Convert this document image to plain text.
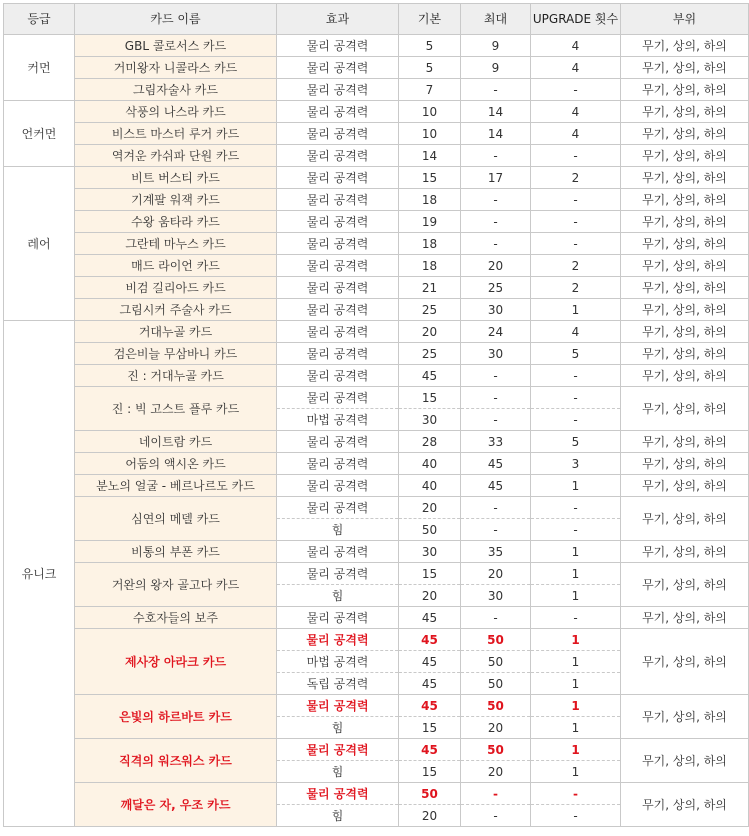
등급	카드 이름	효과	기본	최대	UPGRADE 횟수	부위
커먼	GBL 콜로서스 카드	물리 공격력	5	9	4	무기, 상의, 하의
	거미왕자 니콜라스 카드	물리 공격력	5	9	4	무기, 상의, 하의
	그림자술사 카드	물리 공격력	7	-	-	무기, 상의, 하의
언커먼	삭풍의 나스라 카드	물리 공격력	10	14	4	무기, 상의, 하의
	비스트 마스터 루거 카드	물리 공격력	10	14	4	무기, 상의, 하의
	역겨운 카쉬파 단원 카드	물리 공격력	14	-	-	무기, 상의, 하의
레어	비트 버스티 카드	물리 공격력	15	17	2	무기, 상의, 하의
	기계팔 워잭 카드	물리 공격력	18	-	-	무기, 상의, 하의
	수왕 움타라 카드	물리 공격력	19	-	-	무기, 상의, 하의
	그란테 마누스 카드	물리 공격력	18	-	-	무기, 상의, 하의
	매드 라이언 카드	물리 공격력	18	20	2	무기, 상의, 하의
	비검 길리아드 카드	물리 공격력	21	25	2	무기, 상의, 하의
	그림시커 주술사 카드	물리 공격력	25	30	1	무기, 상의, 하의
유니크	거대누골 카드	물리 공격력	20	24	4	무기, 상의, 하의
	검은비늘 무삼바니 카드	물리 공격력	25	30	5	무기, 상의, 하의
	진 : 거대누골 카드	물리 공격력	45	-	-	무기, 상의, 하의
	진 : 빅 고스트 플루 카드	물리 공격력	15	-	-	무기, 상의, 하의
		마법 공격력	30	-	-	
	네이트람 카드	물리 공격력	28	33	5	무기, 상의, 하의
	어둠의 액시온 카드	물리 공격력	40	45	3	무기, 상의, 하의
	분노의 얼굴 - 베르나르도 카드	물리 공격력	40	45	1	무기, 상의, 하의
	심연의 메델 카드	물리 공격력	20	-	-	무기, 상의, 하의
		힘	50	-	-	
	비통의 부폰 카드	물리 공격력	30	35	1	무기, 상의, 하의
	거완의 왕자 골고다 카드	물리 공격력	15	20	1	무기, 상의, 하의
		힘	20	30	1	
	수호자들의 보주	물리 공격력	45	-	-	무기, 상의, 하의
	제사장 아라크 카드	물리 공격력	45	50	1	무기, 상의, 하의
		마법 공격력	45	50	1	
		독립 공격력	45	50	1	
	은빛의 하르바트 카드	물리 공격력	45	50	1	무기, 상의, 하의
		힘	15	20	1	
	직격의 워즈워스 카드	물리 공격력	45	50	1	무기, 상의, 하의
		힘	15	20	1	
	깨달은 자, 우조 카드	물리 공격력	50	-	-	무기, 상의, 하의
		힘	20	-	-	
